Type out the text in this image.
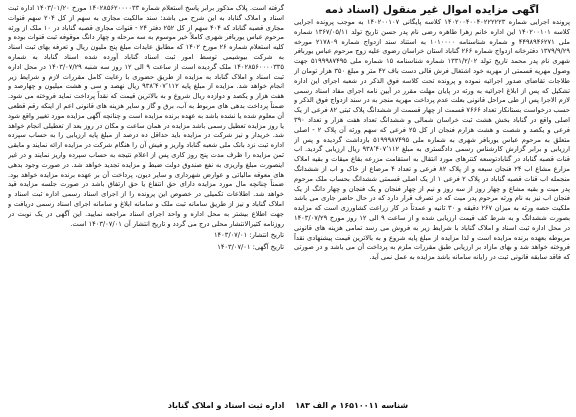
آگهی مزایده اموال غیر منقول (اسناد ذمه

پرونده اجرایی شماره ۱۴۰۲۰۰۴۰۰۴۰۲۲۲۲۲۳ کلاسه پایگانی ۱۴۰۲۰۰۱۰۷ به موجب پرونده اجرایی کلاسه ۱۴۰۲۰۰۱۰۱ این اداره خانم زهرا طاهره رضی نام پدر حسن تاریخ تولد ۱۳۶۷/۰۵/۱۱ شماره ملی ۴۴۹۸۹۴۶۲۷۱ و شماره شناسنامه ۱۰۱۰۰۰۰ به استناد سند ازدواج شماره ۲۱۷۸۰۹ مورخه ۱۳۷۹/۹/۲۹ دفترخانه ازدواج شماره ۲۶۶ گناباد استان خراسان رضوی علیه زوج مرحوم عباس یوربافر شهری نام پدر محمد تاریخ تولد ۱۳۳۱/۲/۰۲ شماره شناسنامه ۱۵ شماره ملی ۵۱۹۹۹۸۷۴۹۵ جهت وصول مهریه قسمتی از مهریه خود اشتغال فرش قالی دست باف ۴۲ متر و مبلغ ۳۵۰ هزار تومان از طلاجات تقاضای صدور اجرائیه نموده و پرونده تحت کلاسه فوق الذکر در شعبه اجرای این اداره تشکیل که پس از ابلاغ اجرائیه به ورثه در پایان مهلت مقرر در آیین نامه اجرای مفاد اسناد رسمی لازم الاجرا پس از طی مراحل قانونی بعلت عدم پرداخت مهریه منجر به در سند ازدواج فوق الذکر و حسب درخواست بستانکار تعداد ۷۶۶۶ قسمت از چهار قسمت از ششدانگ پلاک ثبتی ۸۲ فرعی از یک اصلی واقع در گناباد بخش هشت ثبت خراسان شمالی و ششدانگ تعداد هفت هزار و تعداد ۳۹۰ فرعی و یکصد و شصت و هشت هزارم فنجان از کل ۲۵ فرعی که سهم ورثه آن پلاک ۲ - اصلی متعلق به مرحوم عباس یوربافر شهری به شماره ملی ۵۱۹۹۹۸۷۴۹۵ بازداشت گردیده و پس از ارزیابی و برابر گزارش کارشناس رسمی دادگستری به مبلغ ۹۳۸٬۴۰۷٬۱۱۲ ریال ارزیابی گردید. اب قنات قصبه گناباد در گنابادتوسعه کنترهای مورد انتقال به استقامت مزرعه بقاع میقات و بقیه املاک مزارع مشاع اب ۲۴ فنجان سبعه و از پلاک ۸۲ فرعی و تعداد ۴ مرصاع از خاک و اب از ششدانگ منجمله اب قنات قصبه گناباد در پلاک ۲ فرعی ۱ از یک اصلی قسمتی ششدانگ بحساب ملک مرحوم پدر میت و بقیه مشاع و چهار روز از سه روز و نیم از چهار فنجان و یک فنجان و چهار دانگ از یک فنجان اب نیز به نام ورثه مرحوم پدر میت که در تصرف قرار دارد که در حال حاضر جاری می باشد ملکیت حصه ورثه به میزان ۲۶۷ دقیقه و ۳۰ ثانیه و عمدتاً در کار زراعت کشاورزی است که مزایده بصورت ششدانگ و به شرط کف قیمت ارزیابی شده و از ساعت ۹ الی ۱۲ روز مورخ ۱۴۰۳/۰۷/۲۹ در محل اداره ثبت اسناد و املاک گناباد با شرایط زیر به فروش می رسد تمامی هزینه های قانونی مربوطه بعهده برنده مزایده است و لذا مزایده از مبلغ پایه شروع و به بالاترین قیمت پیشنهادی نقداً فروخته خواهد شد و بهای مازاد بر ارزیابی طبق مقررات ملزم به پرداخت آن می باشد و در صورتی که فاقد سابقه قانونی ثبت در رایانه سامانه باشد مزایده به عمل نمی آید.

گرفته است. پلاک مذکور برابر پاسخ استعلام شماره ۱۴۰۲۸۵۶۲۰۰۰۰۳۳ مورخ ۱۴۰۳/۰۱/۲۰ اداره ثبت اسناد و املاک گناباد به این شرح می باشد: سند مالکیت مجاری به سهم از کل ۲۰۴ سهم قنوات مجاری قصبه گناباد که ۴۰۴ سهم از کل ۲۵۲ دفتر ۲۴ - قنوات مجاری قصبه گناباد در ۱۰ ملک از ورثه مرحوم عباس یوربافر شهری کاملاً خیر موسوم به سه مرحله و چهار دانگ موقوفه ثبت قنوات بوده و کلیه استعلام شماره ۲۶ مورخ ۱۴۰۲ که مطابق عایدات مبلغ پنج ملیون ریال و تعرفه بهای ثبت اسناد به شرکت بیوشیمی توسط امور ثبت اسناد گناباد آورده شده اسناد گناباد به شماره ۱۴۰۲۸۵۶۰۰۰۰۳۳۵ ملک گردیده است از ساعت ۹ الی ۱۲ روز سه شنبه ۱۴۰۳/۰۷/۲۹ در محل اداره ثبت اسناد و املاک گناباد به مزایده از طریق حضوری با رعایت کامل مقررات لازم و شرایط زیر انجام خواهد شد. مزایده از مبلغ پایه ۹۳۸٬۴۰۷٬۱۱۲ ریال نهصد و سی و هشت میلیون و چهارصد و هفت هزار و یکصد و دوازده ریال شروع و به بالاترین قیمت که نقداً پرداخت نماید فروخته می شود. ضمناً پرداخت بدهی های مربوط به آب، برق و گاز و سایر هزینه های قانونی اعم از اینکه رقم قطعی آن معلوم شده یا نشده باشد به عهده برنده مزایده است و چنانچه آگهی مزایده مورد تغییر واقع شود یا روز مزایده تعطیل رسمی باشد مزایده در همان ساعت و مکان در روز بعد از تعطیلی انجام خواهد شد. خریدار و نیز شرکت در مزایده باید حداقل ده درصد از مبلغ پایه ارزیابی را به حساب سپرده اداره ثبت نزد بانک ملی شعبه گناباد واریز و فیش آن را هنگام شرکت در مزایده ارائه نمایند و مابقی ثمن مزایده را ظرف مدت پنج روز کاری پس از اعلام نتیجه به حساب سپرده واریز نمایند و در غیر اینصورت مبلغ واریزی به نفع صندوق دولت ضبط و مزایده تجدید خواهد شد. در صورت وجود بدهی های معوقه مالیاتی و عوارض شهرداری و سایر دیون، پرداخت آن بر عهده برنده مزایده خواهد بود. ضمناً چنانچه مال مورد مزایده دارای حق انتفاع یا حق ارتفاق باشد در صورت جلسه مزایده قید خواهد شد. اطلاعات تکمیلی در خصوص این پرونده را از اجرای اسناد رسمی اداره ثبت اسناد و املاک گناباد و نیز از طریق سامانه ثبت ملک و سامانه ابلاغ و سامانه اجرای اسناد رسمی دریافت و جهت اطلاع بیشتر به محل اداره و واحد اجرای اسناد مراجعه نمایید. این آگهی در یک نوبت در روزنامه کثیرالانتشار محلی درج می گردد و تاریخ انتشار آن ۱۴۰۳/۰۷/۰۱ است.

تاریخ انتشار: ۱۴۰۳/۰۷/۰۱
تاریخ آگهی: ۱۴۰۳/۰۷/۰۱
شناسه ۱۶۵۱۰۰۱۱ م الف ۱۸۳ اداره ثبت اسناد و املاک گناباد
